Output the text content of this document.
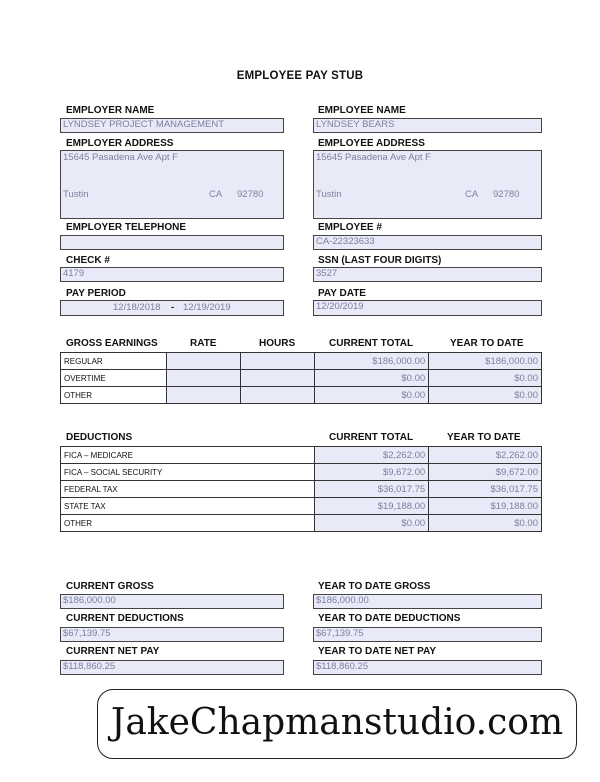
EMPLOYEE PAY STUB
EMPLOYER NAME
LYNDSEY PROJECT MANAGEMENT
EMPLOYER ADDRESS
15645 Pasadena Ave Apt F
Tustin	CA 92780
EMPLOYER TELEPHONE
CHECK #
4179
PAY PERIOD
12/18/2018 - 12/19/2019
EMPLOYEE NAME
LYNDSEY BEARS
EMPLOYEE ADDRESS
15645 Pasadena Ave Apt F
Tustin	CA 92780
EMPLOYEE #
CA-22323633
SSN (LAST FOUR DIGITS)
3527
PAY DATE
12/20/2019
GROSS EARNINGS	RATE	HOURS	CURRENT TOTAL	YEAR TO DATE
REGULAR			$186,000.00	$186,000.00
OVERTIME			$0.00	$0.00
OTHER			$0.00	$0.00
DEDUCTIONS	CURRENT TOTAL	YEAR TO DATE
FICA – MEDICARE	$2,262.00	$2,262.00
FICA – SOCIAL SECURITY	$9,672.00	$9,672.00
FEDERAL TAX	$36,017.75	$36,017.75
STATE TAX	$19,188.00	$19,188.00
OTHER	$0.00	$0.00
CURRENT GROSS
$186,000.00
YEAR TO DATE GROSS
$186,000.00
CURRENT DEDUCTIONS
$67,139.75
YEAR TO DATE DEDUCTIONS
$67,139.75
CURRENT NET PAY
$118,860.25
YEAR TO DATE NET PAY
$118,860.25
JakeChapmanstudio.com
